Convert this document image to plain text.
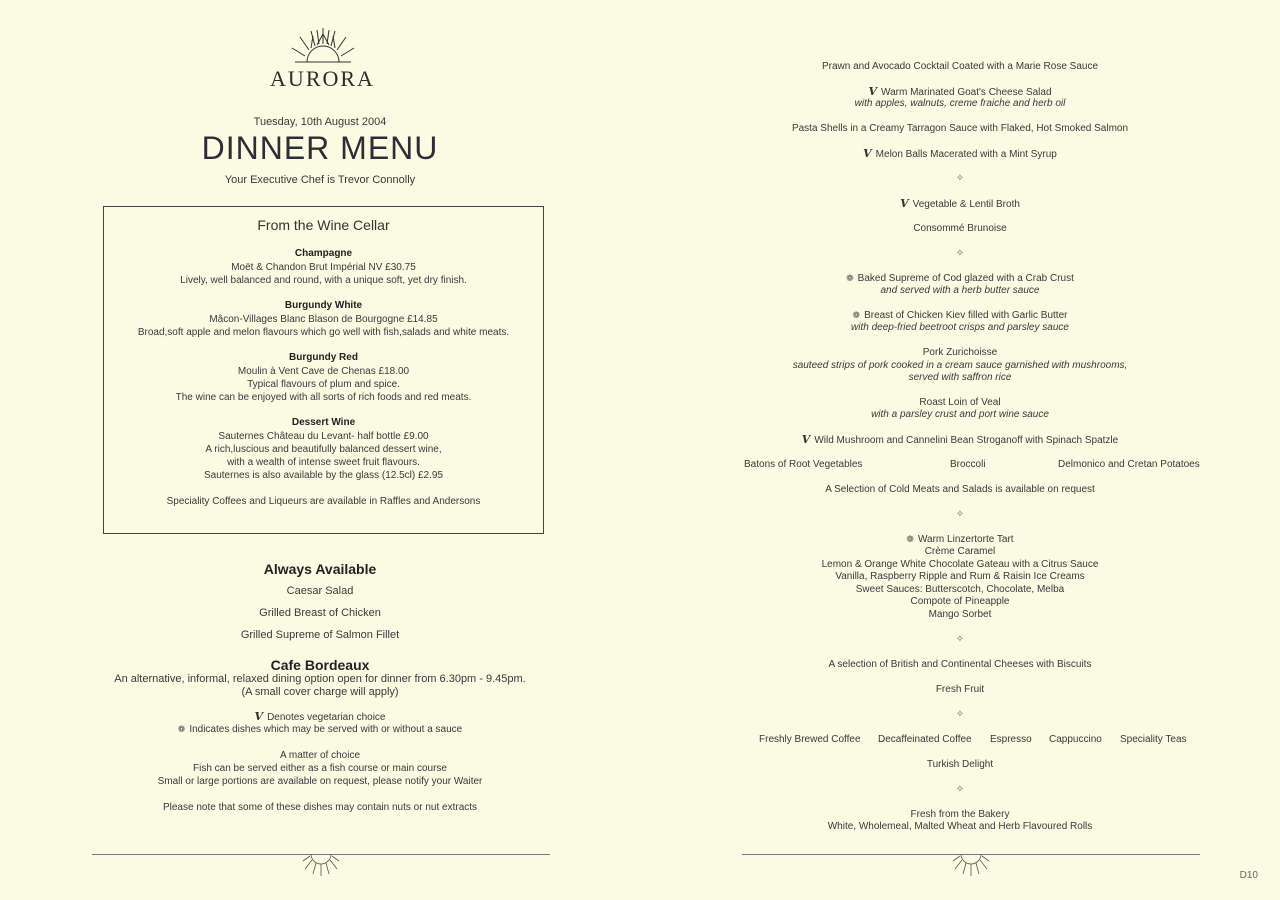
AURORA
Tuesday, 10th August 2004
DINNER MENU
Your Executive Chef is Trevor Connolly
From the Wine Cellar
Champagne
Moët & Chandon Brut Impérial NV £30.75
Lively, well balanced and round, with a unique soft, yet dry finish.
Burgundy White
Mâcon-Villages Blanc Blason de Bourgogne £14.85
Broad,soft apple and melon flavours which go well with fish,salads and white meats.
Burgundy Red
Moulin à Vent Cave de Chenas £18.00
Typical flavours of plum and spice.
The wine can be enjoyed with all sorts of rich foods and red meats.
Dessert Wine
Sauternes Château du Levant- half bottle £9.00
A rich,luscious and beautifully balanced dessert wine,
with a wealth of intense sweet fruit flavours.
Sauternes is also available by the glass (12.5cl) £2.95
Speciality Coffees and Liqueurs are available in Raffles and Andersons
Always Available
Caesar Salad
Grilled Breast of Chicken
Grilled Supreme of Salmon Fillet
Cafe Bordeaux
An alternative, informal, relaxed dining option open for dinner from 6.30pm - 9.45pm.
(A small cover charge will apply)
V Denotes vegetarian choice
❁ Indicates dishes which may be served with or without a sauce
A matter of choice
Fish can be served either as a fish course or main course
Small or large portions are available on request, please notify your Waiter
Please note that some of these dishes may contain nuts or nut extracts
Prawn and Avocado Cocktail Coated with a Marie Rose Sauce
V Warm Marinated Goat's Cheese Salad
with apples, walnuts, creme fraiche and herb oil
Pasta Shells in a Creamy Tarragon Sauce with Flaked, Hot Smoked Salmon
V Melon Balls Macerated with a Mint Syrup
✧
V Vegetable & Lentil Broth
Consommé Brunoise
✧
❁ Baked Supreme of Cod glazed with a Crab Crust
and served with a herb butter sauce
❁ Breast of Chicken Kiev filled with Garlic Butter
with deep-fried beetroot crisps and parsley sauce
Pork Zurichoisse
sauteed strips of pork cooked in a cream sauce garnished with mushrooms,
served with saffron rice
Roast Loin of Veal
with a parsley crust and port wine sauce
V Wild Mushroom and Cannelini Bean Stroganoff with Spinach Spatzle
Batons of Root Vegetables	Broccoli	Delmonico and Cretan Potatoes
A Selection of Cold Meats and Salads is available on request
✧
❁ Warm Linzertorte Tart
Crème Caramel
Lemon & Orange White Chocolate Gateau with a Citrus Sauce
Vanilla, Raspberry Ripple and Rum & Raisin Ice Creams
Sweet Sauces: Butterscotch, Chocolate, Melba
Compote of Pineapple
Mango Sorbet
✧
A selection of British and Continental Cheeses with Biscuits
Fresh Fruit
✧
Freshly Brewed Coffee Decaffeinated Coffee Espresso Cappuccino Speciality Teas
Turkish Delight
✧
Fresh from the Bakery
White, Wholemeal, Malted Wheat and Herb Flavoured Rolls
D10
